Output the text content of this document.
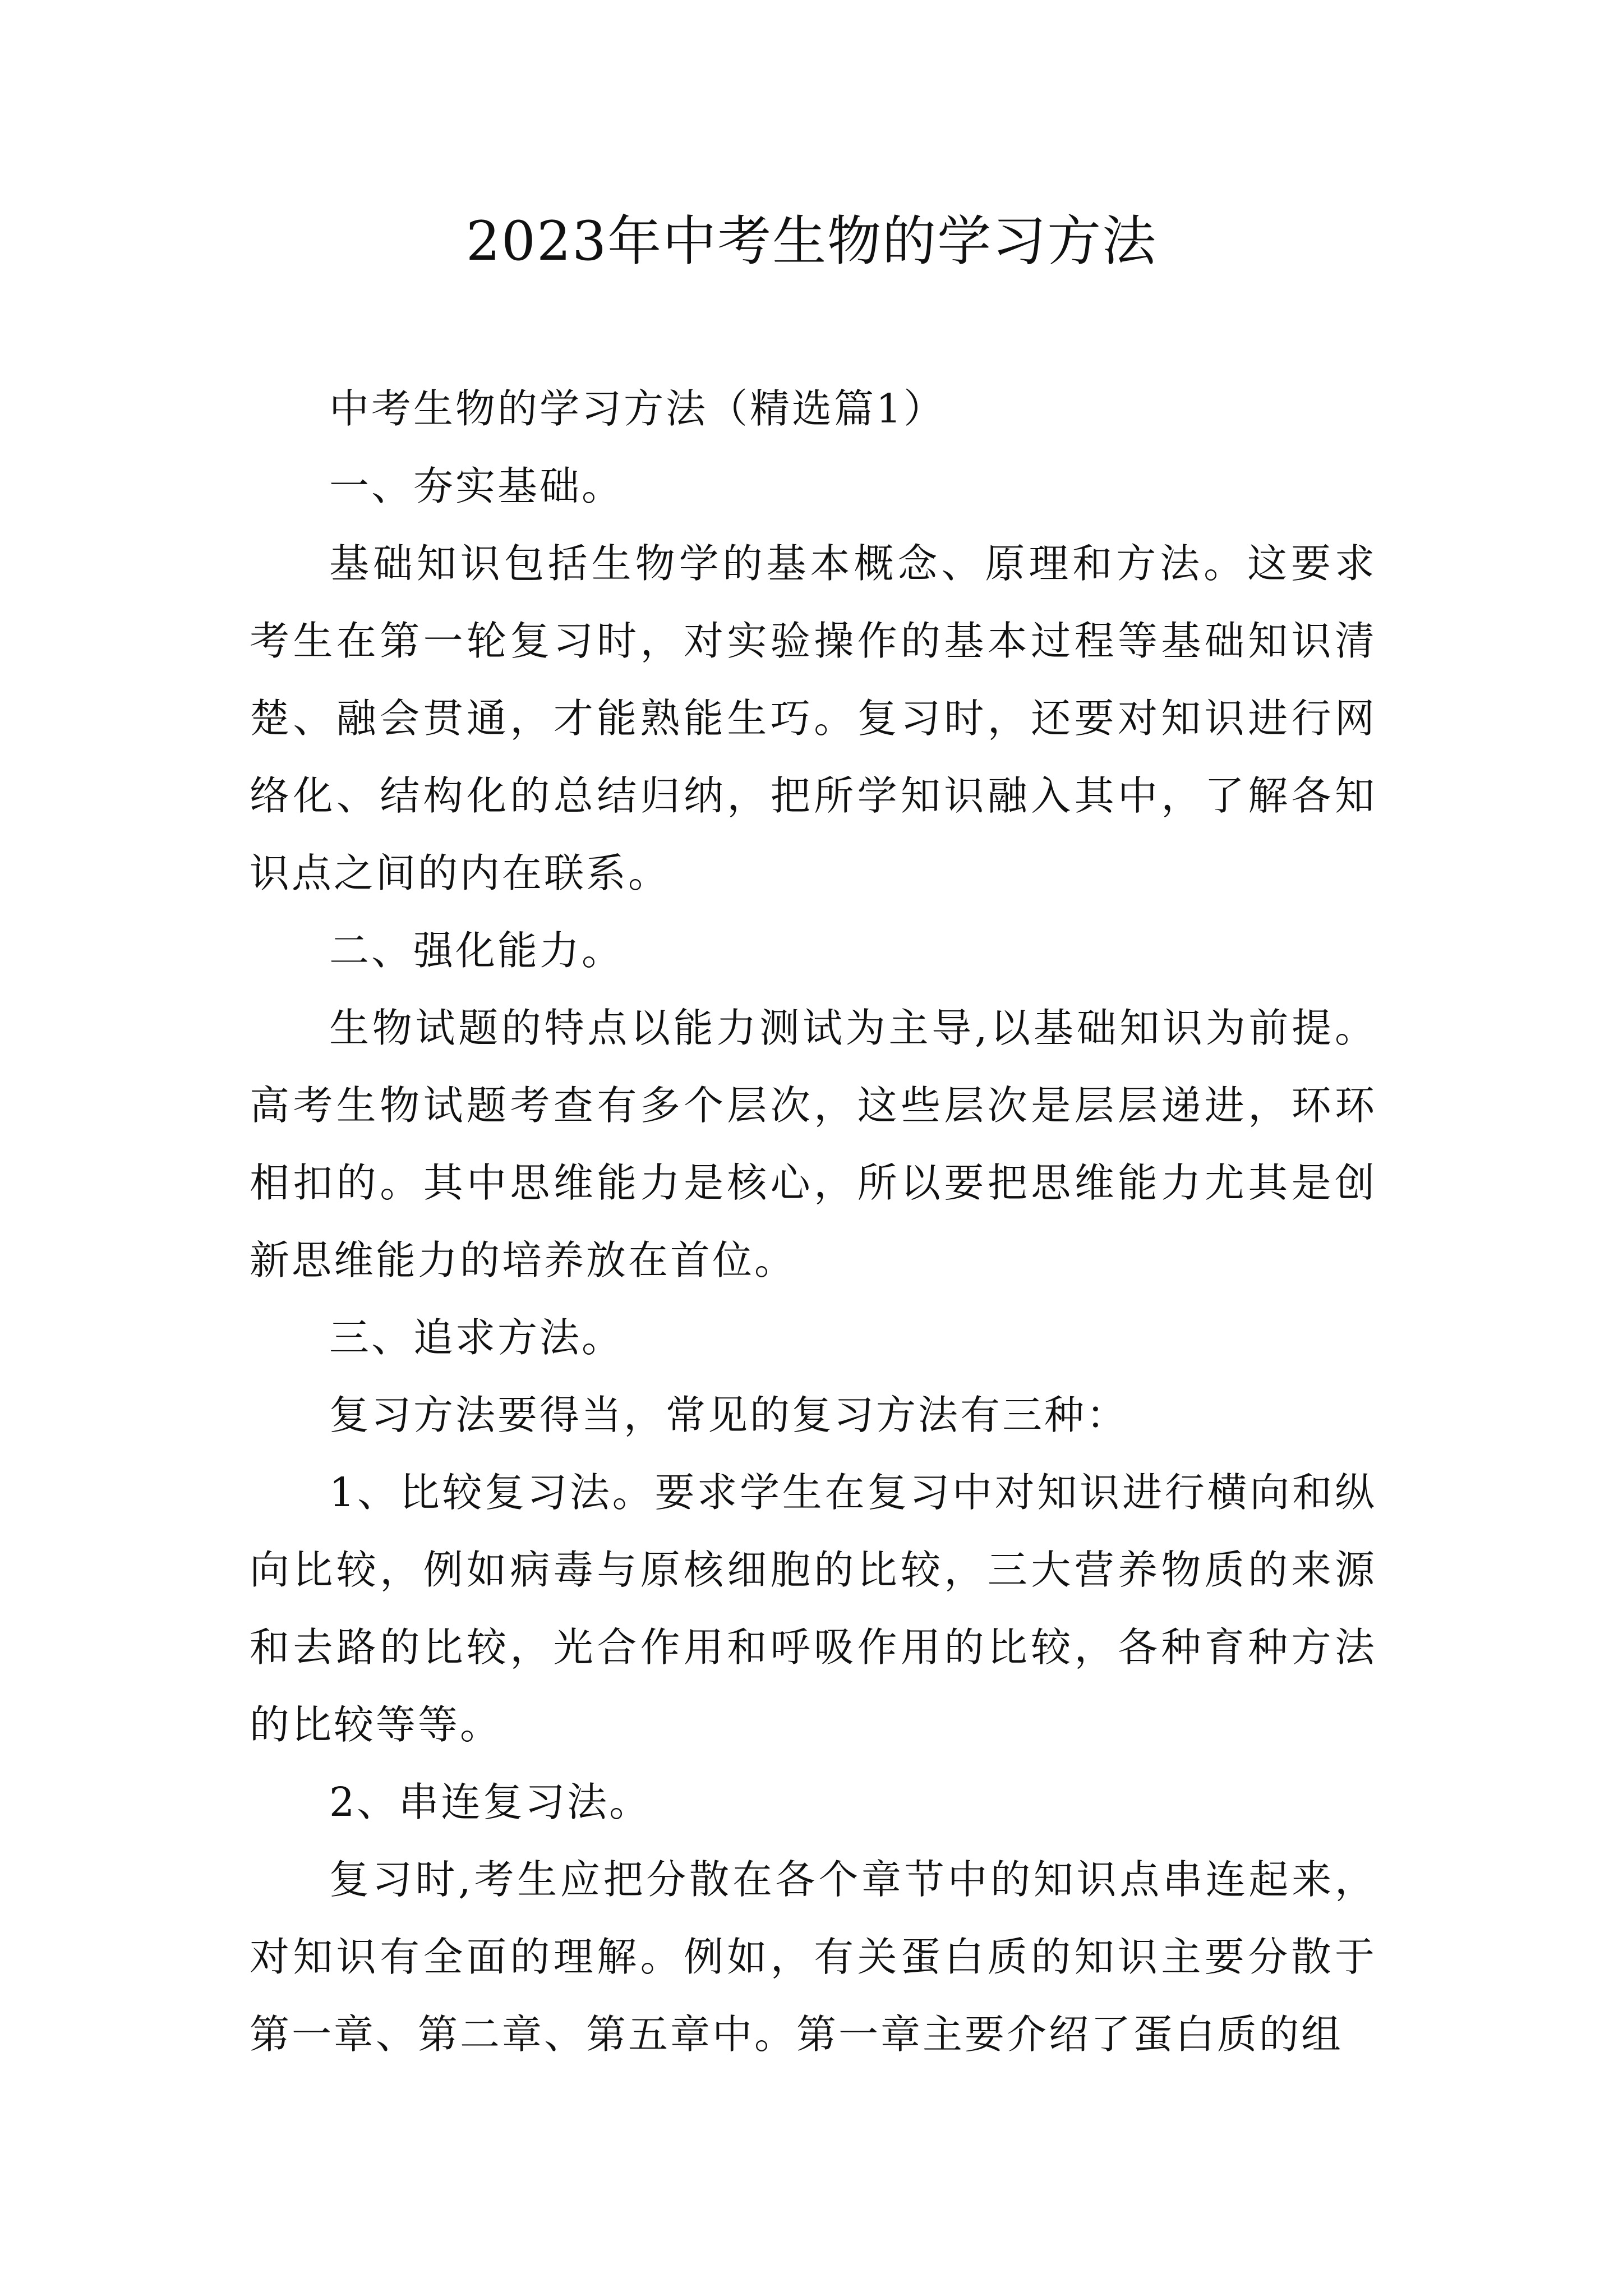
2023年中考生物的学习方法

中考生物的学习方法（精选篇1）

一、夯实基础。

基础知识包括生物学的基本概念、原理和方法。这要求考生在第一轮复习时，对实验操作的基本过程等基础知识清楚、融会贯通，才能熟能生巧。复习时，还要对知识进行网络化、结构化的总结归纳，把所学知识融入其中，了解各知识点之间的内在联系。

二、强化能力。

生物试题的特点以能力测试为主导,以基础知识为前提。高考生物试题考查有多个层次，这些层次是层层递进，环环相扣的。其中思维能力是核心，所以要把思维能力尤其是创新思维能力的培养放在首位。

三、追求方法。

复习方法要得当，常见的复习方法有三种：

1、比较复习法。要求学生在复习中对知识进行横向和纵向比较，例如病毒与原核细胞的比较，三大营养物质的来源和去路的比较，光合作用和呼吸作用的比较，各种育种方法的比较等等。

2、串连复习法。

复习时,考生应把分散在各个章节中的知识点串连起来，对知识有全面的理解。例如，有关蛋白质的知识主要分散于第一章、第二章、第五章中。第一章主要介绍了蛋白质的组
